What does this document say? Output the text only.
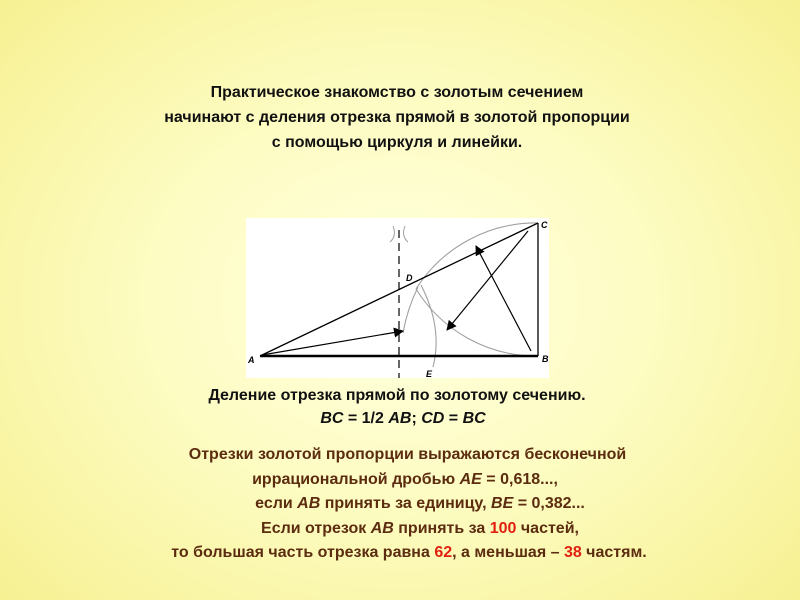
Практическое знакомство с золотым сечением
начинают с деления отрезка прямой в золотой пропорции
с помощью циркуля и линейки.
A	B
C
D
E
Деление отрезка прямой по золотому сечению.
BC = 1/2 AB; CD = BC
Отрезки золотой пропорции выражаются бесконечной
иррациональной дробью AE = 0,618...,
если AB принять за единицу, BE = 0,382...
Если отрезок AB принять за 100 частей,
то большая часть отрезка равна 62, а меньшая – 38 частям.
